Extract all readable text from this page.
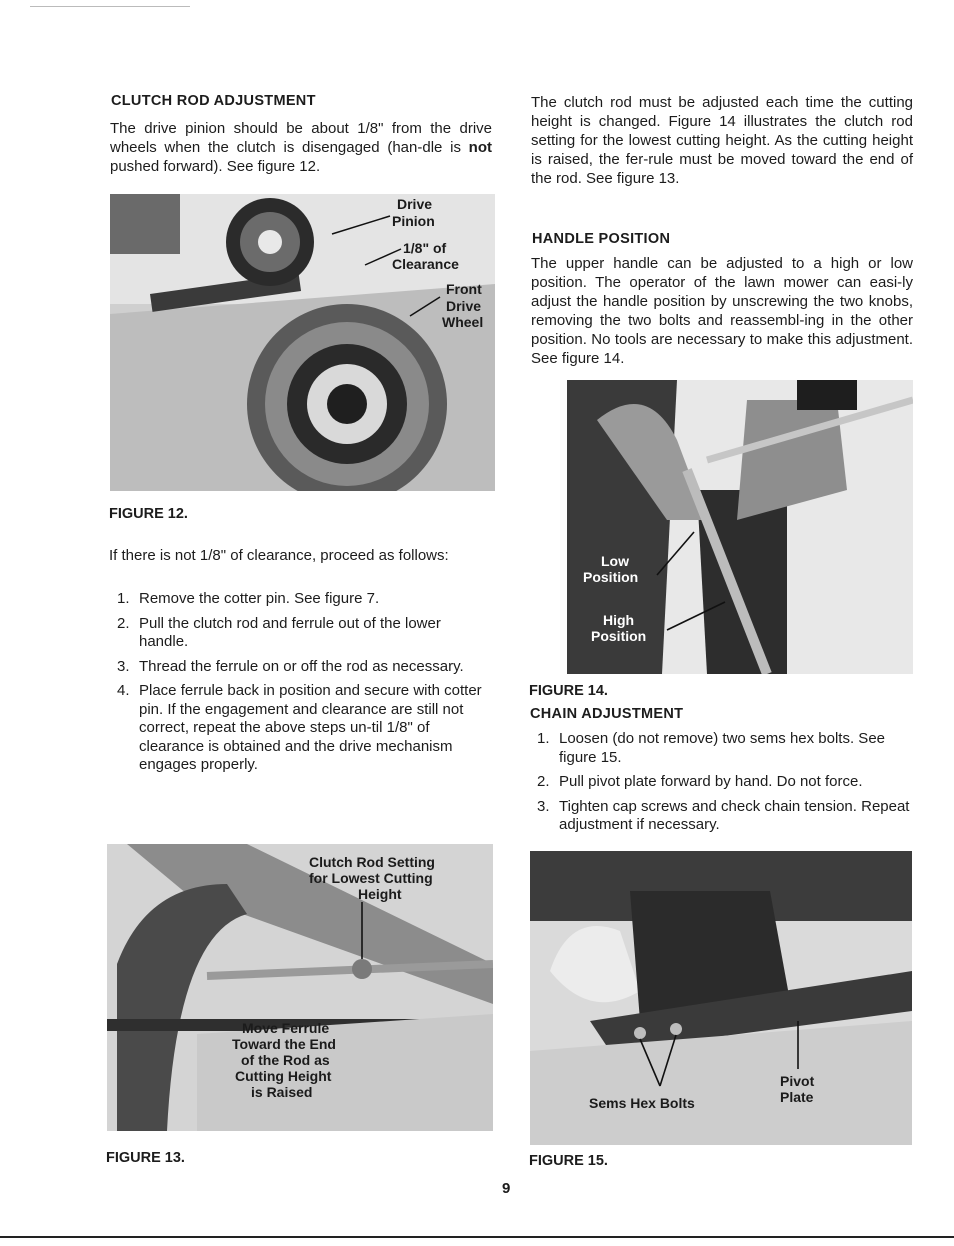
CLUTCH ROD ADJUSTMENT
The drive pinion should be about 1/8" from the drive wheels when the clutch is disengaged (han-dle is not pushed forward). See figure 12.
Drive
Pinion
1/8" of
Clearance
Front
Drive
Wheel
FIGURE 12.
If there is not 1/8" of clearance, proceed as follows:
1. Remove the cotter pin. See figure 7.
2. Pull the clutch rod and ferrule out of the lower handle.
3. Thread the ferrule on or off the rod as necessary.
4. Place ferrule back in position and secure with cotter pin. If the engagement and clearance are still not correct, repeat the above steps un-til 1/8" of clearance is obtained and the drive mechanism engages properly.
Clutch Rod Setting
for Lowest Cutting
Height
Move Ferrule
Toward the End
of the Rod as
Cutting Height
is Raised
FIGURE 13.
The clutch rod must be adjusted each time the cutting height is changed. Figure 14 illustrates the clutch rod setting for the lowest cutting height. As the cutting height is raised, the fer-rule must be moved toward the end of the rod. See figure 13.
HANDLE POSITION
The upper handle can be adjusted to a high or low position. The operator of the lawn mower can easi-ly adjust the handle position by unscrewing the two knobs, removing the two bolts and reassembl-ing in the other position. No tools are necessary to make this adjustment. See figure 14.
Low
Position
High
Position
FIGURE 14.
CHAIN ADJUSTMENT
1. Loosen (do not remove) two sems hex bolts. See figure 15.
2. Pull pivot plate forward by hand. Do not force.
3. Tighten cap screws and check chain tension. Repeat adjustment if necessary.
Sems Hex Bolts
Pivot
Plate
FIGURE 15.
9
